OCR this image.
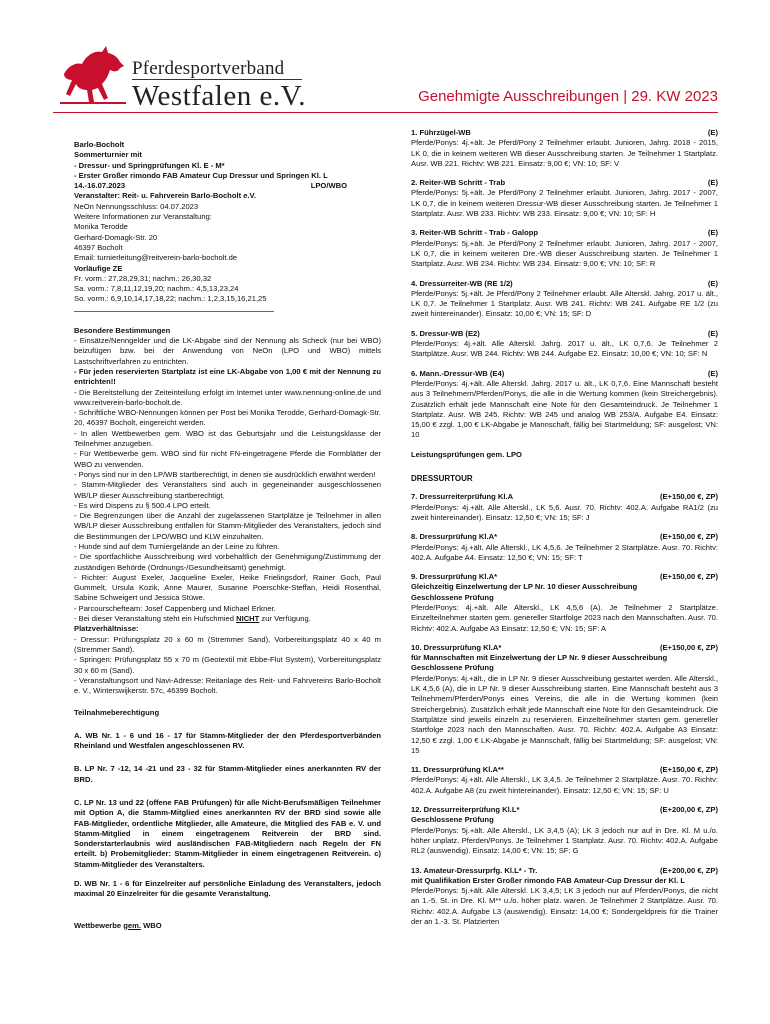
Pferdesportverband
Westfalen e.V.	Genehmigte Ausschreibungen | 29. KW 2023

Barlo-Bocholt

Sommerturnier mit

- Dressur- und Springprüfungen Kl. E - M*

- Erster Großer rimondo FAB Amateur Cup Dressur und Springen Kl. L

14.-16.07.2023	LPO/WBO

Veranstalter: Reit- u. Fahrverein Barlo-Bocholt e.V.

NeOn Nennungsschluss: 04.07.2023

Weitere Informationen zur Veranstaltung:

Monika Terodde

Gerhard-Domagk-Str. 20

46397 Bocholt

Email: turnierleitung@reitverein-barlo-bocholt.de

Vorläufige ZE

Fr. vorm.: 27,28,29,31; nachm.: 26,30,32

Sa. vorm.: 7,8,11,12,19,20; nachm.: 4,5,13,23,24

So. vorm.: 6,9,10,14,17,18,22; nachm.: 1,2,3,15,16,21,25

Besondere Bestimmungen

- Einsätze/Nenngelder und die LK-Abgabe sind der Nennung als Scheck (nur bei WBO) beizufügen bzw. bei der Anwendung von NeOn (LPO und WBO) mittels Lastschriftverfahren zu entrichten.

- Für jeden reservierten Startplatz ist eine LK-Abgabe von 1,00 € mit der Nennung zu entrichten!!

- Die Bereitstellung der Zeiteinteilung erfolgt im Internet unter www.nennung-online.de und www.reitverein-barlo-bocholt.de.
- Schriftliche WBO-Nennungen können per Post bei Monika Terodde, Gerhard-Domagk-Str. 20, 46397 Bocholt, eingereicht werden.
- In allen Wettbewerben gem. WBO ist das Geburtsjahr und die Leistungsklasse der Teilnehmer anzugeben.
- Für Wettbewerbe gem. WBO sind für nicht FN-eingetragene Pferde die Formblätter der WBO zu verwenden.
- Ponys sind nur in den LP/WB startberechtigt, in denen sie ausdrücklich erwähnt werden!
- Stamm-Mitglieder des Veranstalters sind auch in gegeneinander ausgeschlossenen WB/LP dieser Ausschreibung startberechtigt.
- Es wird Dispens zu § 500.4 LPO erteilt.
- Die Begrenzungen über die Anzahl der zugelassenen Startplätze je Teilnehmer in allen WB/LP dieser Ausschreibung entfallen für Stamm-Mitglieder des Veranstalters, jedoch sind die Bestimmungen der LPO/WBO und KLW einzuhalten.
- Hunde sind auf dem Turniergelände an der Leine zu führen.
- Die sportfachliche Ausschreibung wird vorbehaltlich der Genehmigung/Zustimmung der zuständigen Behörde (Ordnungs-/Gesundheitsamt) genehmigt.
- Richter: August Exeler, Jacqueline Exeler, Heike Frielingsdorf, Rainer Goch, Paul Gummelt, Ursula Kozik, Anne Maurer, Susanne Poerschke-Steffan, Heidi Rosenthal, Sabine Schweigert und Jessica Stüwe.
- Parcourschefteam: Josef Cappenberg und Michael Erkner.

- Bei dieser Veranstaltung steht ein Hufschmied NICHT zur Verfügung.

Platzverhältnisse:

- Dressur: Prüfungsplatz 20 x 60 m (Stremmer Sand), Vorbereitungsplatz 40 x 40 m (Stremmer Sand).
- Springen: Prüfungsplatz 55 x 70 m (Geotextil mit Ebbe-Flut System), Vorbereitungsplatz 30 x 60 m (Sand).
- Veranstaltungsort und Navi-Adresse: Reitanlage des Reit- und Fahrvereins Barlo-Bocholt e. V., Winterswijkerstr. 57c, 46399 Bocholt.

Teilnahmeberechtigung

A. WB Nr. 1 - 6 und 16 - 17 für Stamm-Mitglieder der den Pferdesportverbänden Rheinland und Westfalen angeschlossenen RV.

B. LP Nr. 7 -12, 14 -21 und 23 - 32 für Stamm-Mitglieder eines anerkannten RV der BRD.

C. LP Nr. 13 und 22 (offene FAB Prüfungen) für alle Nicht-Berufsmäßigen Teilnehmer mit Option A, die Stamm-Mitglied eines anerkannten RV der BRD sind sowie alle FAB-Mitglieder, ordentliche Mitglieder, alle Amateure, die Mitglied des FAB e. V. und Stamm-Mitglied in einem eingetragenem Reitverein der BRD sind. Sonderstarterlaubnis wird ausländischen FAB-Mitgliedern nach Regeln der FN erteilt. b) Probemitglieder: Stamm-Mitglieder in einem eingetragenen Reitverein. c) Stamm-Mitglieder des Veranstalters.

D. WB Nr. 1 - 6 für Einzelreiter auf persönliche Einladung des Veranstalters, jedoch maximal 20 Einzelreiter für die gesamte Veranstaltung.

Wettbewerbe gem. WBO

1. Führzügel-WB	(E)

Pferde/Ponys: 4j.+ält. Je Pferd/Pony 2 Teilnehmer erlaubt. Junioren, Jahrg. 2018 - 2015, LK 0, die in keinem weiteren WB dieser Ausschreibung starten. Je Teilnehmer 1 Startplatz. Ausr. WB 221. Richtv: WB 221. Einsatz: 9,00 €; VN: 10; SF: V

2. Reiter-WB Schritt - Trab	(E)

Pferde/Ponys: 5j.+ält. Je Pferd/Pony 2 Teilnehmer erlaubt. Junioren, Jahrg. 2017 - 2007, LK 0,7, die in keinem weiteren Dressur-WB dieser Ausschreibung starten. Je Teilnehmer 1 Startplatz. Ausr. WB 233. Richtv: WB 233. Einsatz: 9,00 €; VN: 10; SF: H

3. Reiter-WB Schritt - Trab - Galopp	(E)

Pferde/Ponys: 5j.+ält. Je Pferd/Pony 2 Teilnehmer erlaubt. Junioren, Jahrg. 2017 - 2007, LK 0,7, die in keinem weiteren Dre.-WB dieser Ausschreibung starten. Je Teilnehmer 1 Startplatz. Ausr. WB 234. Richtv: WB 234. Einsatz: 9,00 €; VN: 10; SF: R

4. Dressurreiter-WB (RE 1/2)	(E)

Pferde/Ponys: 5j.+ält. Je Pferd/Pony 2 Teilnehmer erlaubt. Alle Alterskl. Jahrg. 2017 u. ält., LK 0,7. Je Teilnehmer 1 Startplatz. Ausr. WB 241. Richtv: WB 241. Aufgabe RE 1/2 (zu zweit hintereinander). Einsatz: 10,00 €; VN: 15; SF: D

5. Dressur-WB (E2)	(E)

Pferde/Ponys: 4j.+ält. Alle Alterskl. Jahrg. 2017 u. ält., LK 0,7,6. Je Teilnehmer 2 Startplätze. Ausr. WB 244. Richtv: WB 244. Aufgabe E2. Einsatz: 10,00 €; VN: 10; SF: N

6. Mann.-Dressur-WB (E4)	(E)

Pferde/Ponys: 4j.+ält. Alle Alterskl. Jahrg. 2017 u. ält., LK 0,7,6. Eine Mannschaft besteht aus 3 Teilnehmern/Pferden/Ponys, die alle in die Wertung kommen (kein Streichergebnis). Zusätzlich erhält jede Mannschaft eine Note für den Gesamteindruck. Je Teilnehmer 1 Startplatz. Ausr. WB 245. Richtv: WB 245 und analog WB 253/A. Aufgabe E4. Einsatz: 15,00 € zzgl. 1,00 € LK-Abgabe je Mannschaft, fällig bei Startmeldung; SF: ausgelost; VN: 10

Leistungsprüfungen gem. LPO

DRESSURTOUR

7. Dressurreiterprüfung Kl.A	(E+150,00 €, ZP)

Pferde/Ponys: 4j.+ält. Alle Alterskl., LK 5,6. Ausr. 70. Richtv: 402.A. Aufgabe RA1/2 (zu zweit hintereinander). Einsatz: 12,50 €; VN: 15; SF: J

8. Dressurprüfung Kl.A*	(E+150,00 €, ZP)

Pferde/Ponys: 4j.+ält. Alle Alterskl., LK 4,5,6. Je Teilnehmer 2 Startplätze. Ausr. 70. Richtv: 402.A. Aufgabe A4. Einsatz: 12,50 €; VN: 15; SF: T

9. Dressurprüfung Kl.A*	(E+150,00 €, ZP)

Gleichzeitig Einzelwertung der LP Nr. 10 dieser Ausschreibung
Geschlossene Prüfung

Pferde/Ponys: 4j.+ält. Alle Alterskl., LK 4,5,6 (A). Je Teilnehmer 2 Startplätze. Einzelteilnehmer starten gem. genereller Startfolge 2023 nach den Mannschaften. Ausr. 70. Richtv: 402.A. Aufgabe A3 Einsatz: 12,50 €; VN: 15; SF: A

10. Dressurprüfung Kl.A*	(E+150,00 €, ZP)

für Mannschaften mit Einzelwertung der LP Nr. 9 dieser Ausschreibung
Geschlossene Prüfung

Pferde/Ponys: 4j.+ält., die in LP Nr. 9 dieser Ausschreibung gestartet werden. Alle Alterskl., LK 4,5,6 (A), die in LP Nr. 9 dieser Ausschreibung starten. Eine Mannschaft besteht aus 3 Teilnehmern/Pferden/Ponys eines Vereins, die alle in die Wertung kommen (kein Streichergebnis). Zusätzlich erhält jede Mannschaft eine Note für den Gesamteindruck. Die Startplätze sind jeweils einzeln zu reservieren. Einzelteilnehmer starten gem. genereller Startfolge 2023 nach den Mannschaften. Ausr. 70. Richtv: 402.A. Aufgabe A3 Einsatz: 12,50 € zzgl. 1,00 € LK-Abgabe je Mannschaft, fällig bei Startmeldung; SF: ausgelost; VN: 15

11. Dressurprüfung Kl.A**	(E+150,00 €, ZP)

Pferde/Ponys: 4j.+ält. Alle Alterskl., LK 3,4,5. Je Teilnehmer 2 Startplätze. Ausr. 70. Richtv: 402.A. Aufgabe A8 (zu zweit hintereinander). Einsatz: 12,50 €; VN: 15; SF: U

12. Dressurreiterprüfung Kl.L*	(E+200,00 €, ZP)

Geschlossene Prüfung

Pferde/Ponys: 5j.+ält. Alle Alterskl., LK 3,4,5 (A); LK 3 jedoch nur auf in Dre. Kl. M u./o. höher unplatz. Pferden/Ponys. Je Teilnehmer 1 Startplatz. Ausr. 70. Richtv: 402.A. Aufgabe RL2 (auswendig). Einsatz: 14,00 €; VN: 15; SF: G

13. Amateur-Dressurprfg. Kl.L* - Tr.	(E+200,00 €, ZP)

mit Qualifikation Erster Großer rimondo FAB Amateur-Cup Dressur der Kl. L

Pferde/Ponys: 5j.+ält. Alle Alterskl. LK 3,4,5; LK 3 jedoch nur auf Pferden/Ponys, die nicht an 1.-5. St. in Dre. Kl. M** u./o. höher platz. waren. Je Teilnehmer 2 Startplätze. Ausr. 70. Richtv: 402.A. Aufgabe L3 (auswendig). Einsatz: 14,00 €; Sondergeldpreis für die Trainer der an 1.-3. St. Platzierten
